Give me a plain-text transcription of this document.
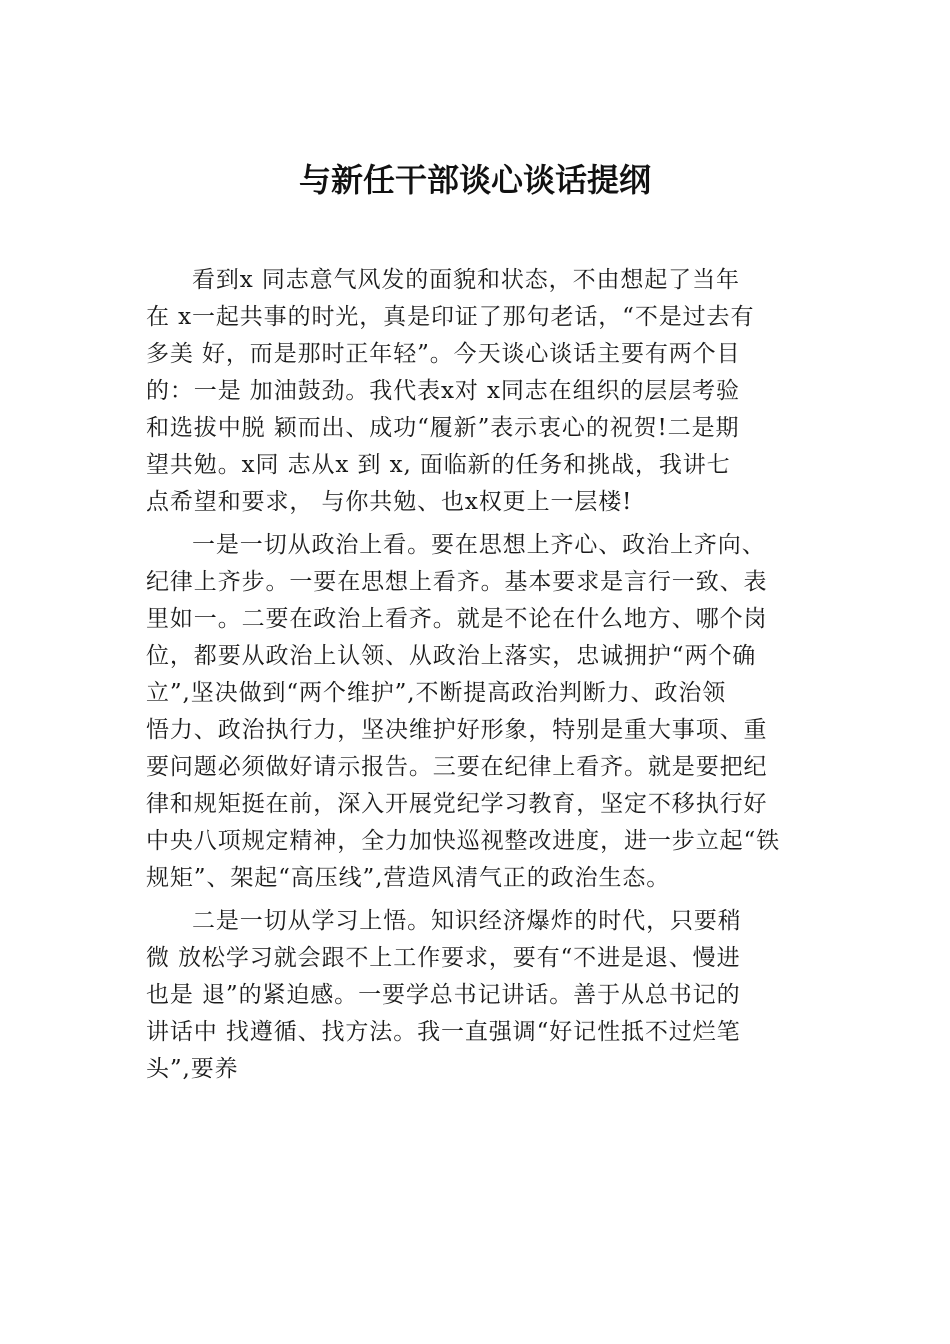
与新任干部谈心谈话提纲

看到x 同志意气风发的面貌和状态，不由想起了当年
在 x一起共事的时光，真是印证了那句老话，“不是过去有
多美 好，而是那时正年轻”。今天谈心谈话主要有两个目
的：一是 加油鼓劲。我代表x对 x同志在组织的层层考验
和选拔中脱 颖而出、成功“履新”表示衷心的祝贺!二是期
望共勉。x同 志从x 到 x, 面临新的任务和挑战，我讲七
点希望和要求， 与你共勉、也x权更上一层楼!

一是一切从政治上看。要在思想上齐心、政治上齐向、
纪律上齐步。一要在思想上看齐。基本要求是言行一致、表
里如一。二要在政治上看齐。就是不论在什么地方、哪个岗
位，都要从政治上认领、从政治上落实，忠诚拥护“两个确
立”,坚决做到“两个维护”,不断提高政治判断力、政治领
悟力、政治执行力，坚决维护好形象，特别是重大事项、重
要问题必须做好请示报告。三要在纪律上看齐。就是要把纪
律和规矩挺在前，深入开展党纪学习教育，坚定不移执行好
中央八项规定精神，全力加快巡视整改进度，进一步立起“铁
规矩”、架起“高压线”,营造风清气正的政治生态。

二是一切从学习上悟。知识经济爆炸的时代，只要稍
微 放松学习就会跟不上工作要求，要有“不进是退、慢进
也是 退”的紧迫感。一要学总书记讲话。善于从总书记的
讲话中 找遵循、找方法。我一直强调“好记性抵不过烂笔
头”,要养
